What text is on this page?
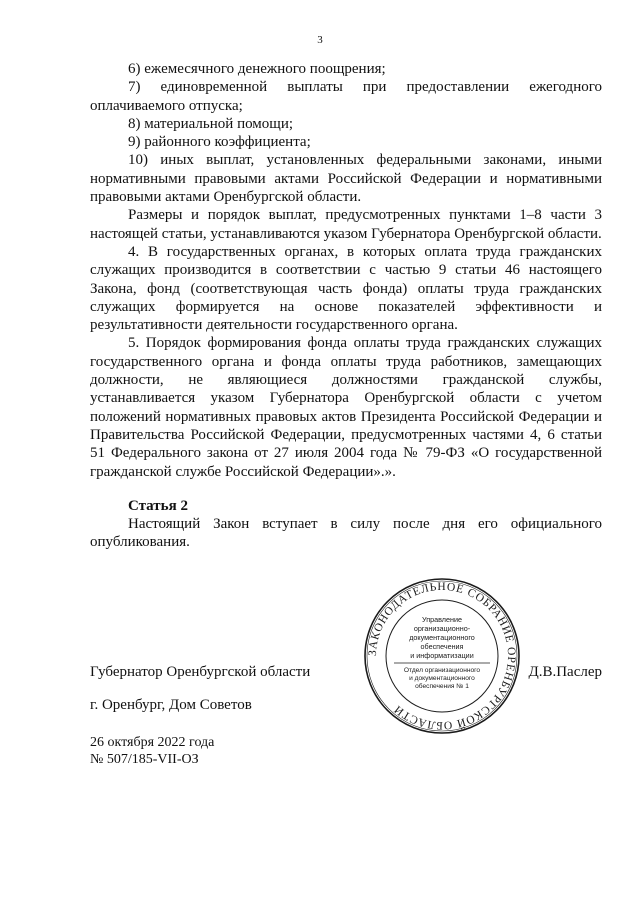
3

6) ежемесячного денежного поощрения;

7) единовременной выплаты при предоставлении ежегодного оплачиваемого отпуска;

8) материальной помощи;

9) районного коэффициента;

10) иных выплат, установленных федеральными законами, иными нормативными правовыми актами Российской Федерации и нормативными правовыми актами Оренбургской области.

Размеры и порядок выплат, предусмотренных пунктами 1–8 части 3 настоящей статьи, устанавливаются указом Губернатора Оренбургской области.

4. В государственных органах, в которых оплата труда гражданских служащих производится в соответствии с частью 9 статьи 46 настоящего Закона, фонд (соответствующая часть фонда) оплаты труда гражданских служащих формируется на основе показателей эффективности и результативности деятельности государственного органа.

5. Порядок формирования фонда оплаты труда гражданских служащих государственного органа и фонда оплаты труда работников, замещающих должности, не являющиеся должностями гражданской службы, устанавливается указом Губернатора Оренбургской области с учетом положений нормативных правовых актов Президента Российской Федерации и Правительства Российской Федерации, предусмотренных частями 4, 6 статьи 51 Федерального закона от 27 июля 2004 года № 79-ФЗ «О государственной гражданской службе Российской Федерации».».

Статья 2

Настоящий Закон вступает в силу после дня его официального опубликования.

Губернатор Оренбургской области	Д.В.Паслер
г. Оренбург, Дом Советов
26 октября 2022 года
№ 507/185-VII-ОЗ
ЗАКОНОДАТЕЛЬНОЕ СОБРАНИЕ ОРЕНБУРГСКОЙ ОБЛАСТИ
Управление
организационно-
документационного
обеспечения
и информатизации
Отдел организационного
и документационного
обеспечения № 1
